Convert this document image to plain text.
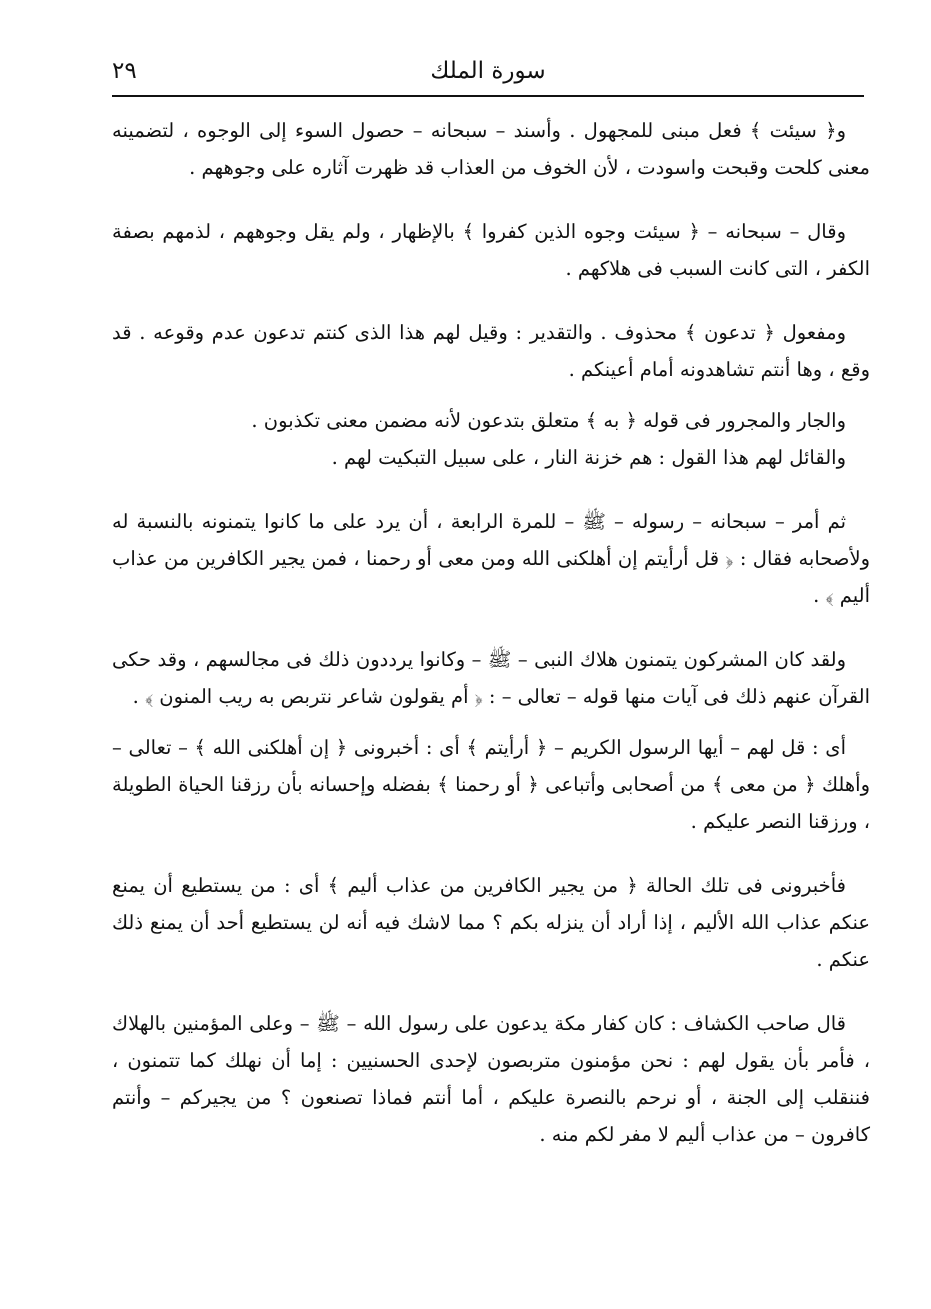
سورة الملك
٢٩

و﴿ سيئت ﴾ فعل مبنى للمجهول . وأسند – سبحانه – حصول السوء إلى الوجوه ، لتضمينه معنى كلحت وقبحت واسودت ، لأن الخوف من العذاب قد ظهرت آثاره على وجوههم .

وقال – سبحانه – ﴿ سيئت وجوه الذين كفروا ﴾ بالإظهار ، ولم يقل وجوههم ، لذمهم بصفة الكفر ، التى كانت السبب فى هلاكهم .

ومفعول ﴿ تدعون ﴾ محذوف . والتقدير : وقيل لهم هذا الذى كنتم تدعون عدم وقوعه . قد وقع ، وها أنتم تشاهدونه أمام أعينكم .

والجار والمجرور فى قوله ﴿ به ﴾ متعلق بتدعون لأنه مضمن معنى تكذبون .

والقائل لهم هذا القول : هم خزنة النار ، على سبيل التبكيت لهم .

ثم أمر – سبحانه – رسوله – ﷺ – للمرة الرابعة ، أن يرد على ما كانوا يتمنونه بالنسبة له ولأصحابه فقال : ﴿ قل أرأيتم إن أهلكنى الله ومن معى أو رحمنا ، فمن يجير الكافرين من عذاب أليم ﴾ .

ولقد كان المشركون يتمنون هلاك النبى – ﷺ – وكانوا يرددون ذلك فى مجالسهم ، وقد حكى القرآن عنهم ذلك فى آيات منها قوله – تعالى – : ﴿ أم يقولون شاعر نتربص به ريب المنون ﴾ .

أى : قل لهم – أيها الرسول الكريم – ﴿ أرأيتم ﴾ أى : أخبرونى ﴿ إن أهلكنى الله ﴾ – تعالى – وأهلك ﴿ من معى ﴾ من أصحابى وأتباعى ﴿ أو رحمنا ﴾ بفضله وإحسانه بأن رزقنا الحياة الطويلة ، ورزقنا النصر عليكم .

فأخبرونى فى تلك الحالة ﴿ من يجير الكافرين من عذاب أليم ﴾ أى : من يستطيع أن يمنع عنكم عذاب الله الأليم ، إذا أراد أن ينزله بكم ؟ مما لاشك فيه أنه لن يستطيع أحد أن يمنع ذلك عنكم .

قال صاحب الكشاف : كان كفار مكة يدعون على رسول الله – ﷺ – وعلى المؤمنين بالهلاك ، فأمر بأن يقول لهم : نحن مؤمنون متربصون لإحدى الحسنيين : إما أن نهلك كما تتمنون ، فننقلب إلى الجنة ، أو نرحم بالنصرة عليكم ، أما أنتم فماذا تصنعون ؟ من يجيركم – وأنتم كافرون – من عذاب أليم لا مفر لكم منه .
